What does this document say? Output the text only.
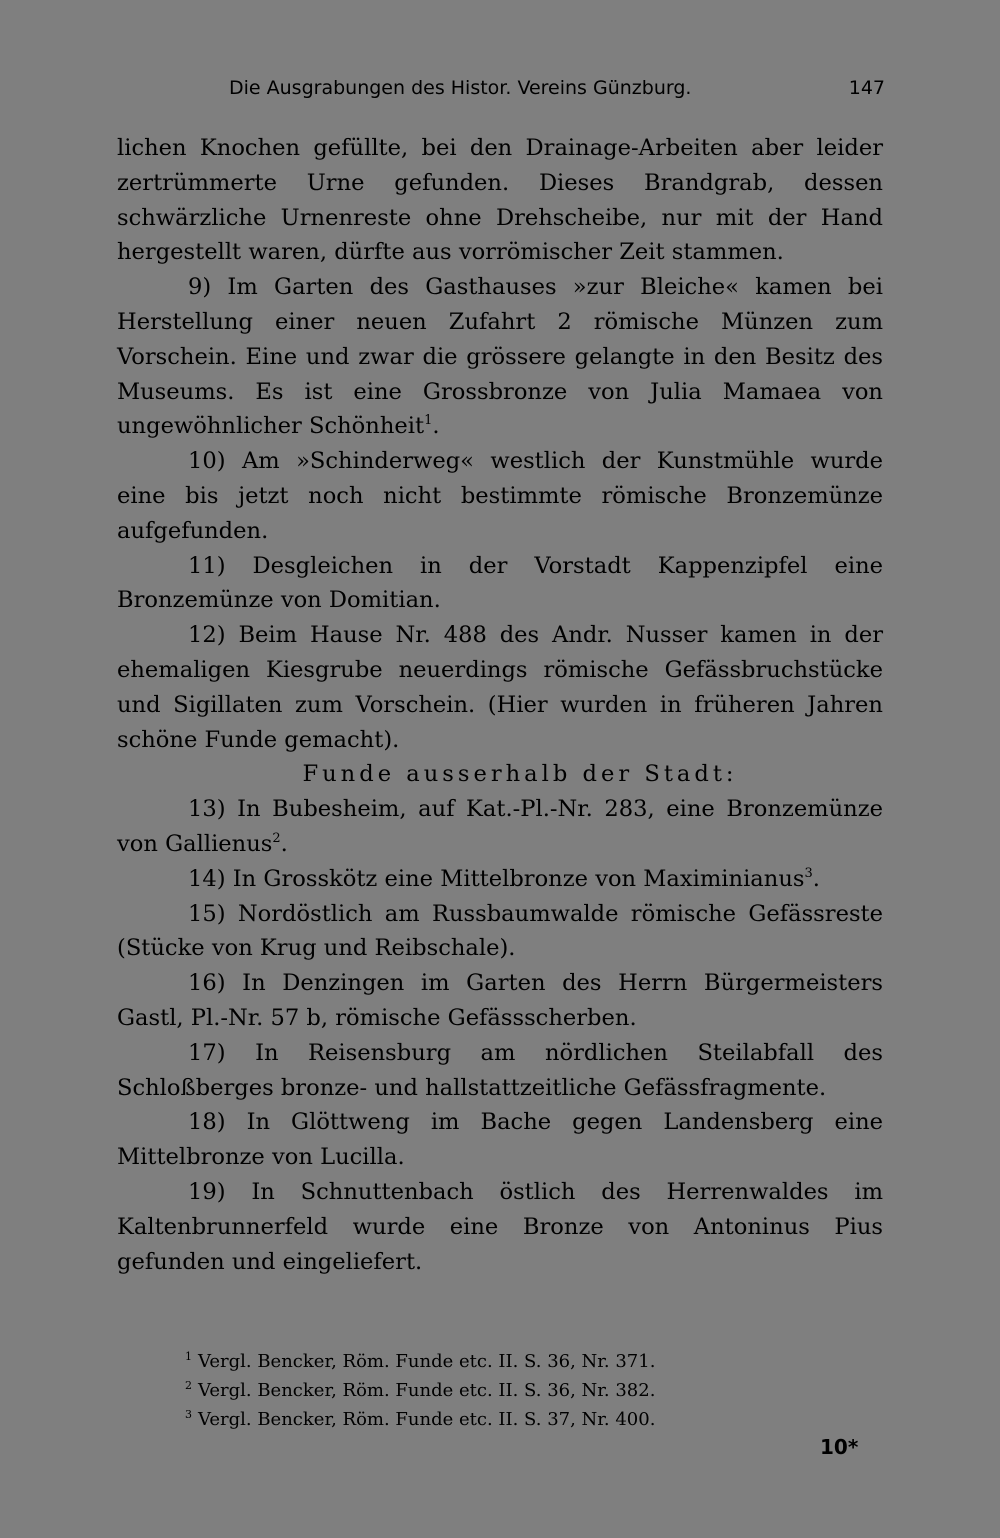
Die Ausgrabungen des Histor. Vereins Günzburg.	147

lichen Knochen gefüllte, bei den Drainage-Arbeiten aber leider zertrümmerte Urne gefunden. Dieses Brandgrab, dessen schwärzliche Urnenreste ohne Drehscheibe, nur mit der Hand hergestellt waren, dürfte aus vorrömischer Zeit stammen.

9) Im Garten des Gasthauses »zur Bleiche« kamen bei Herstellung einer neuen Zufahrt 2 römische Münzen zum Vorschein. Eine und zwar die grössere gelangte in den Besitz des Museums. Es ist eine Grossbronze von Julia Mamaea von ungewöhnlicher Schönheit$^1$.

10) Am »Schinderweg« westlich der Kunstmühle wurde eine bis jetzt noch nicht bestimmte römische Bronzemünze aufgefunden.

11) Desgleichen in der Vorstadt Kappenzipfel eine Bronzemünze von Domitian.

12) Beim Hause Nr. 488 des Andr. Nusser kamen in der ehemaligen Kiesgrube neuerdings römische Gefässbruchstücke und Sigillaten zum Vorschein. (Hier wurden in früheren Jahren schöne Funde gemacht).

Funde ausserhalb der Stadt:

13) In Bubesheim, auf Kat.-Pl.-Nr. 283, eine Bronzemünze von Gallienus$^2$.

14) In Grosskötz eine Mittelbronze von Maximinianus$^3$.

15) Nordöstlich am Russbaumwalde römische Gefässreste (Stücke von Krug und Reibschale).

16) In Denzingen im Garten des Herrn Bürgermeisters Gastl, Pl.-Nr. 57 b, römische Gefässscherben.

17) In Reisensburg am nördlichen Steilabfall des Schloßberges bronze- und hallstattzeitliche Gefässfragmente.

18) In Glöttweng im Bache gegen Landensberg eine Mittelbronze von Lucilla.

19) In Schnuttenbach östlich des Herrenwaldes im Kaltenbrunnerfeld wurde eine Bronze von Antoninus Pius gefunden und eingeliefert.

$^1$ Vergl. Bencker, Röm. Funde etc. II. S. 36, Nr. 371.
$^2$ Vergl. Bencker, Röm. Funde etc. II. S. 36, Nr. 382.
$^3$ Vergl. Bencker, Röm. Funde etc. II. S. 37, Nr. 400.
10*
